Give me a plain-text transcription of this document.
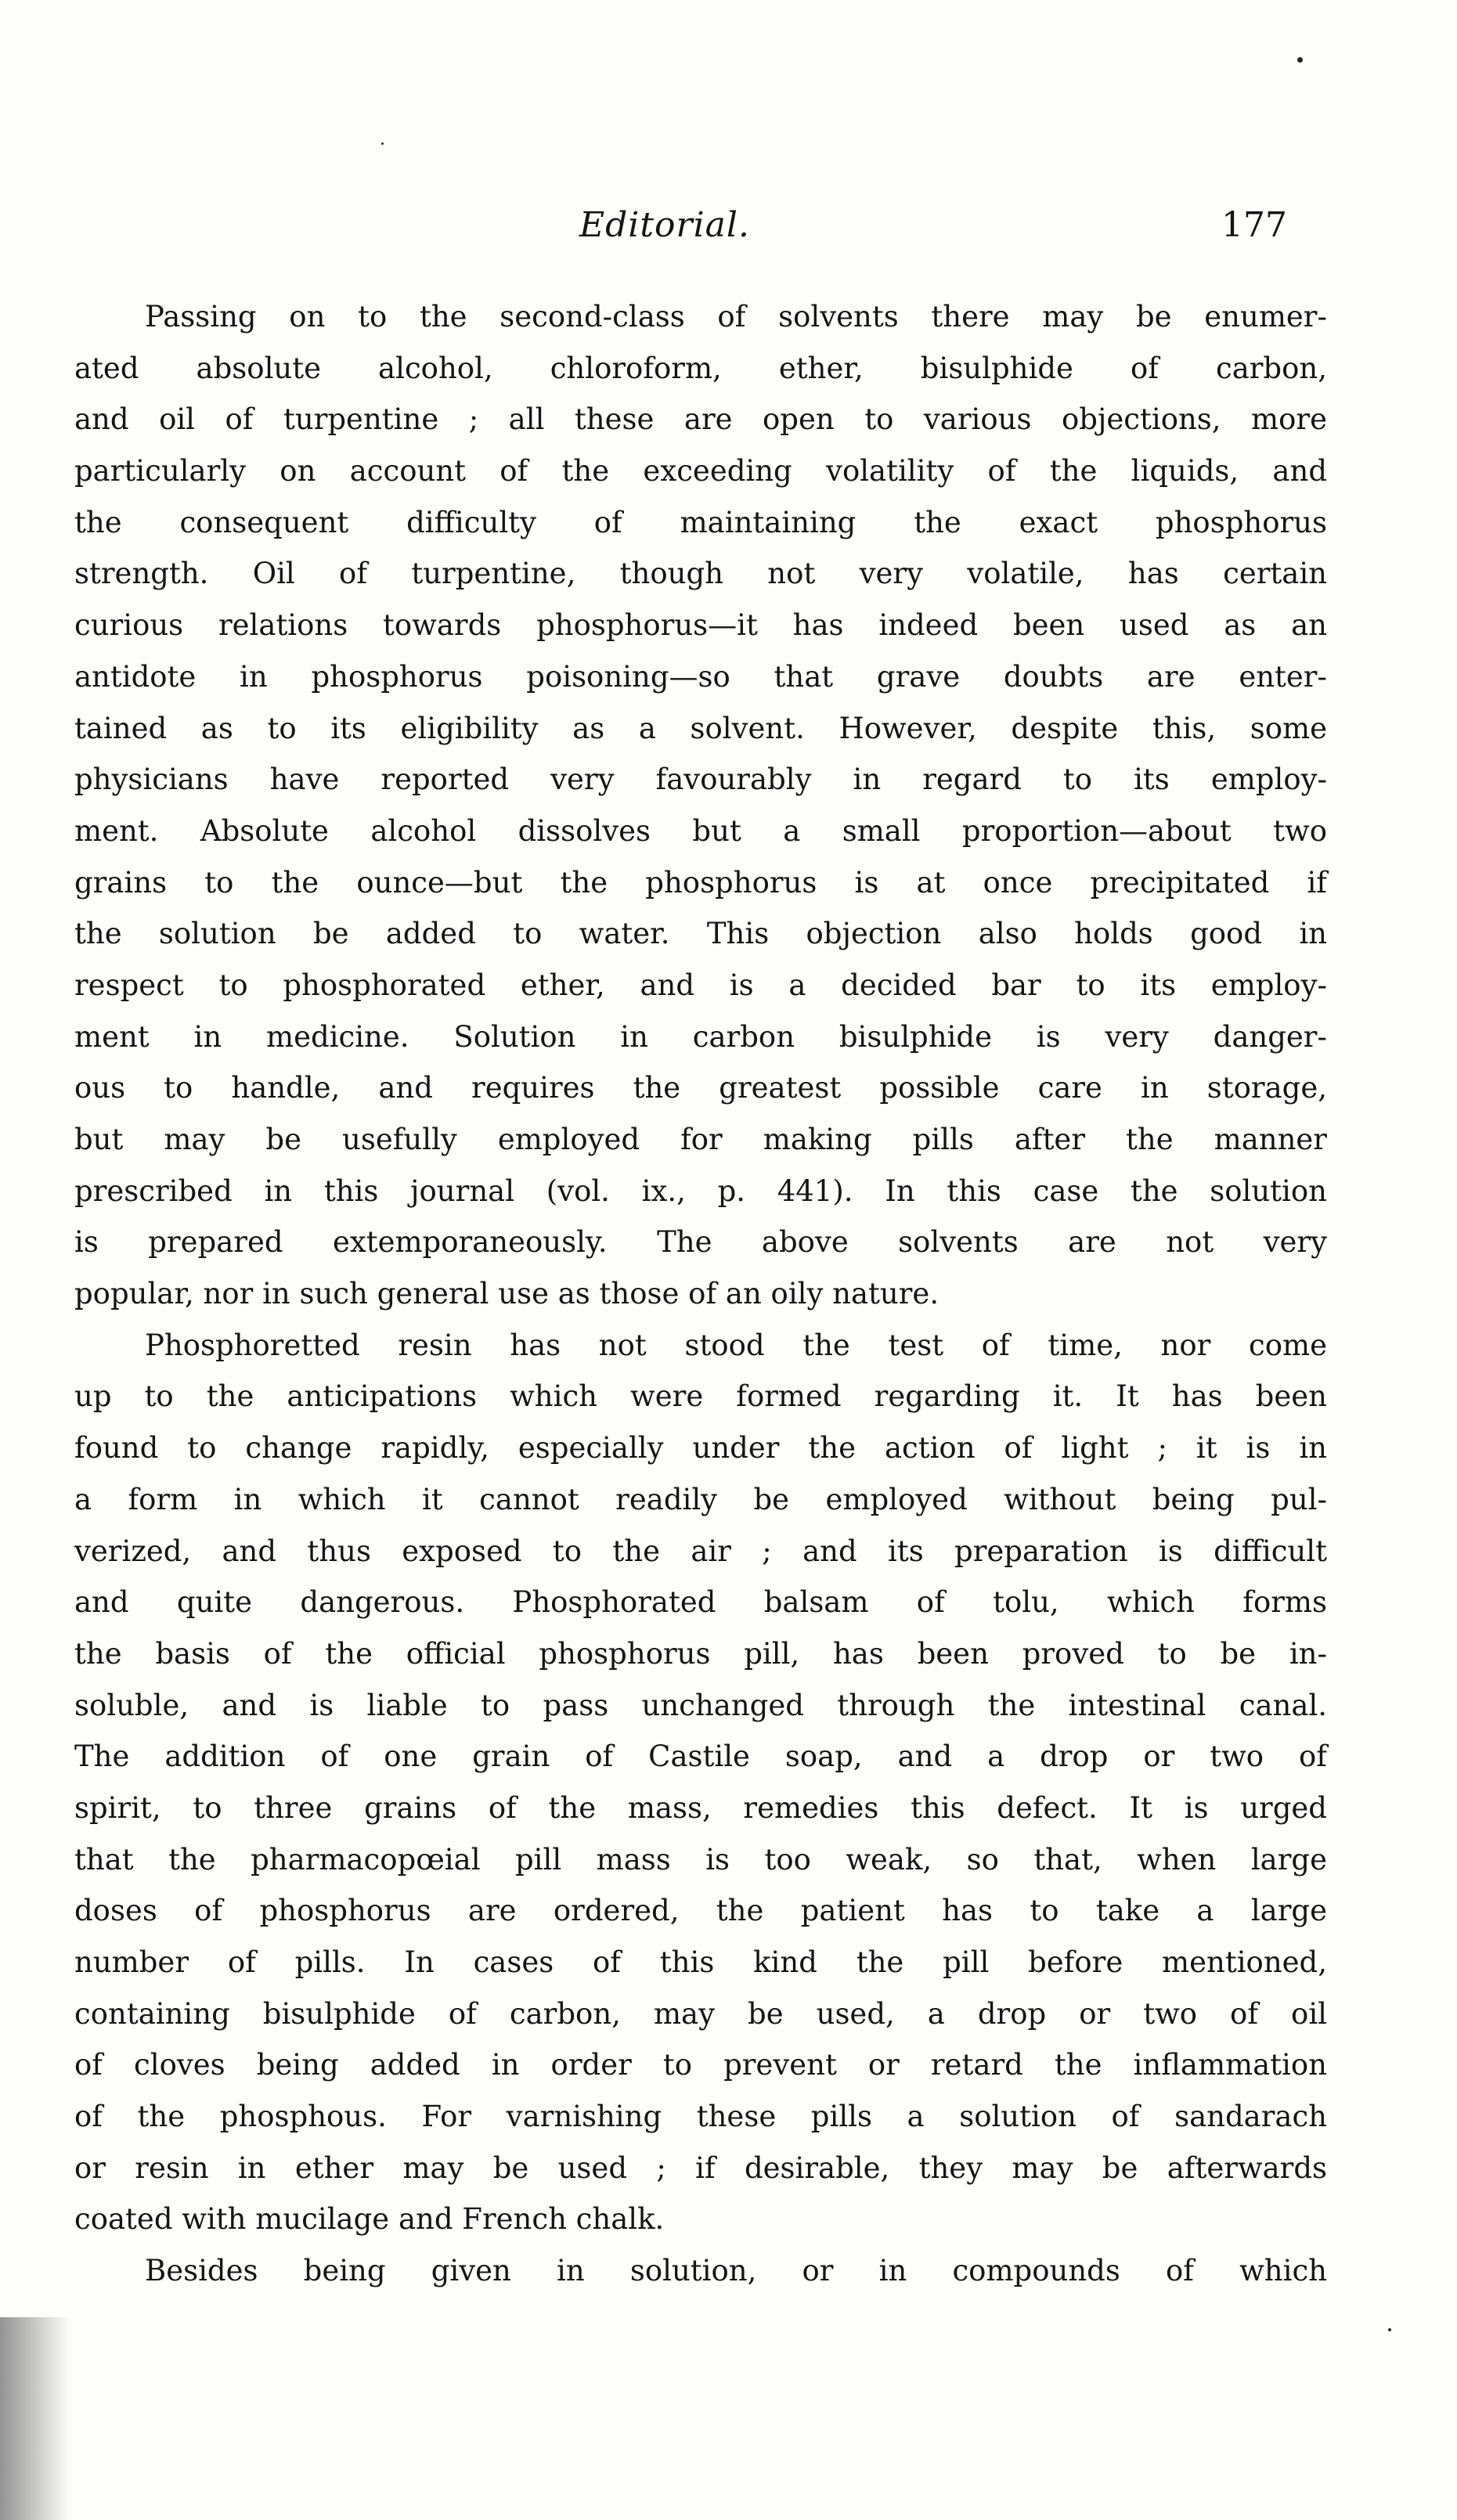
Editorial.	177
Passing on to the second-class of solvents there may be enumer-
ated absolute alcohol, chloroform, ether, bisulphide of carbon,
and oil of turpentine ; all these are open to various objections, more
particularly on account of the exceeding volatility of the liquids, and
the consequent difficulty of maintaining the exact phosphorus
strength. Oil of turpentine, though not very volatile, has certain
curious relations towards phosphorus—it has indeed been used as an
antidote in phosphorus poisoning—so that grave doubts are enter-
tained as to its eligibility as a solvent. However, despite this, some
physicians have reported very favourably in regard to its employ-
ment. Absolute alcohol dissolves but a small proportion—about two
grains to the ounce—but the phosphorus is at once precipitated if
the solution be added to water. This objection also holds good in
respect to phosphorated ether, and is a decided bar to its employ-
ment in medicine. Solution in carbon bisulphide is very danger-
ous to handle, and requires the greatest possible care in storage,
but may be usefully employed for making pills after the manner
prescribed in this journal (vol. ix., p. 441). In this case the solution
is prepared extemporaneously. The above solvents are not very
popular, nor in such general use as those of an oily nature.
Phosphoretted resin has not stood the test of time, nor come
up to the anticipations which were formed regarding it. It has been
found to change rapidly, especially under the action of light ; it is in
a form in which it cannot readily be employed without being pul-
verized, and thus exposed to the air ; and its preparation is difficult
and quite dangerous. Phosphorated balsam of tolu, which forms
the basis of the official phosphorus pill, has been proved to be in-
soluble, and is liable to pass unchanged through the intestinal canal.
The addition of one grain of Castile soap, and a drop or two of
spirit, to three grains of the mass, remedies this defect. It is urged
that the pharmacopœial pill mass is too weak, so that, when large
doses of phosphorus are ordered, the patient has to take a large
number of pills. In cases of this kind the pill before mentioned,
containing bisulphide of carbon, may be used, a drop or two of oil
of cloves being added in order to prevent or retard the inflammation
of the phosphous. For varnishing these pills a solution of sandarach
or resin in ether may be used ; if desirable, they may be afterwards
coated with mucilage and French chalk.
Besides being given in solution, or in compounds of which
